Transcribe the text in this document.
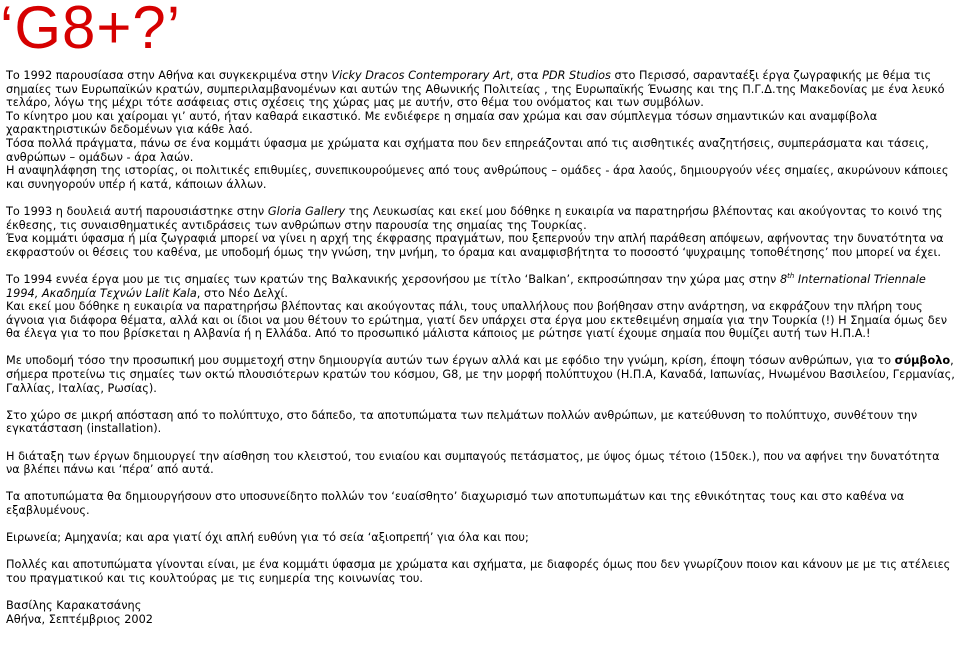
‘G8+?’

Το 1992 παρουσίασα στην Αθήνα και συγκεκριμένα στην Vicky Dracos Contemporary Art, στα PDR Studios στο Περισσό, σαρανταέξι έργα ζωγραφικής με θέμα τις σημαίες των Ευρωπαϊκών κρατών, συμπεριλαμβανομένων και αυτών της Αθωνικής Πολιτείας , της Ευρωπαϊκής Ένωσης και της Π.Γ.Δ.της Μακεδονίας με ένα λευκό τελάρο, λόγω της μέχρι τότε ασάφειας στις σχέσεις της χώρας μας με αυτήν, στο θέμα του ονόματος και των συμβόλων.

Το κίνητρο μου και χαίρομαι γι’ αυτό, ήταν καθαρά εικαστικό. Με ενδιέφερε η σημαία σαν χρώμα και σαν σύμπλεγμα τόσων σημαντικών και αναμφίβολα χαρακτηριστικών δεδομένων για κάθε λαό.

Τόσα πολλά πράγματα, πάνω σε ένα κομμάτι ύφασμα με χρώματα και σχήματα που δεν επηρεάζονται από τις αισθητικές αναζητήσεις, συμπεράσματα και τάσεις, ανθρώπων – ομάδων - άρα λαών.

Η αναψηλάφηση της ιστορίας, οι πολιτικές επιθυμίες, συνεπικουρούμενες από τους ανθρώπους – ομάδες - άρα λαούς, δημιουργούν νέες σημαίες, ακυρώνουν κάποιες και συνηγορούν υπέρ ή κατά, κάποιων άλλων.

Το 1993 η δουλειά αυτή παρουσιάστηκε στην Gloria Gallery της Λευκωσίας και εκεί μου δόθηκε η ευκαιρία να παρατηρήσω βλέποντας και ακούγοντας το κοινό της έκθεσης, τις συναισθηματικές αντιδράσεις των ανθρώπων στην παρουσία της σημαίας της Τουρκίας.

Ένα κομμάτι ύφασμα ή μία ζωγραφιά μπορεί να γίνει η αρχή της έκφρασης πραγμάτων, που ξεπερνούν την απλή παράθεση απόψεων, αφήνοντας την δυνατότητα να εκφραστούν οι θέσεις του καθένα, με υποδομή όμως την γνώση, την μνήμη, το όραμα και αναμφισβήτητα το ποσοστό ‘ψυχραιμης τοποθέτησης’ που μπορεί να έχει.

Το 1994 εννέα έργα μου με τις σημαίες των κρατών της Βαλκανικής χερσονήσου με τίτλο ‘Balkan’, εκπροσώπησαν την χώρα μας στην 8th International Triennale 1994, Ακαδημία Τεχνών Lalit Kala, στο Νέο Δελχί.

Και εκεί μου δόθηκε η ευκαιρία να παρατηρήσω βλέποντας και ακούγοντας πάλι, τους υπαλλήλους που βοήθησαν στην ανάρτηση, να εκφράζουν την πλήρη τους άγνοια για διάφορα θέματα, αλλά και οι ίδιοι να μου θέτουν το ερώτημα, γιατί δεν υπάρχει στα έργα μου εκτεθειμένη σημαία για την Τουρκία (!) Η Σημαία όμως δεν θα έλεγα για το που βρίσκεται η Αλβανία ή η Ελλάδα. Από το προσωπικό μάλιστα κάποιος με ρώτησε γιατί έχουμε σημαία που θυμίζει αυτή των Η.Π.Α.!

Με υποδομή τόσο την προσωπική μου συμμετοχή στην δημιουργία αυτών των έργων αλλά και με εφόδιο την γνώμη, κρίση, έποψη τόσων ανθρώπων, για το σύμβολο, σήμερα προτείνω τις σημαίες των οκτώ πλουσιότερων κρατών του κόσμου, G8, με την μορφή πολύπτυχου (Η.Π.Α, Καναδά, Ιαπωνίας, Ηνωμένου Βασιλείου, Γερμανίας, Γαλλίας, Ιταλίας, Ρωσίας).

Στο χώρο σε μικρή απόσταση από το πολύπτυχο, στο δάπεδο, τα αποτυπώματα των πελμάτων πολλών ανθρώπων, με κατεύθυνση το πολύπτυχο, συνθέτουν την εγκατάσταση (installation).

Η διάταξη των έργων δημιουργεί την αίσθηση του κλειστού, του ενιαίου και συμπαγούς πετάσματος, με ύψος όμως τέτοιο (150εκ.), που να αφήνει την δυνατότητα να βλέπει πάνω και ‘πέρα’ από αυτά.

Τα αποτυπώματα θα δημιουργήσουν στο υποσυνείδητο πολλών τον ‘ευαίσθητο’ διαχωρισμό των αποτυπωμάτων και της εθνικότητας τους και στο καθένα να εξαβλυμένους.

Ειρωνεία; Αμηχανία; και αρα γιατί όχι απλή ευθύνη για τό σεία ‘αξιοπρεπή’ για όλα και που;

Πολλές και αποτυπώματα γίνονται είναι, με ένα κομμάτι ύφασμα με χρώματα και σχήματα, με διαφορές όμως που δεν γνωρίζουν ποιον και κάνουν με με τις ατέλειες του πραγματικού και τις κουλτούρας με τις ευημερία της κοινωνίας του.

Βασίλης Καρακατσάνης

Αθήνα, Σεπτέμβριος 2002
